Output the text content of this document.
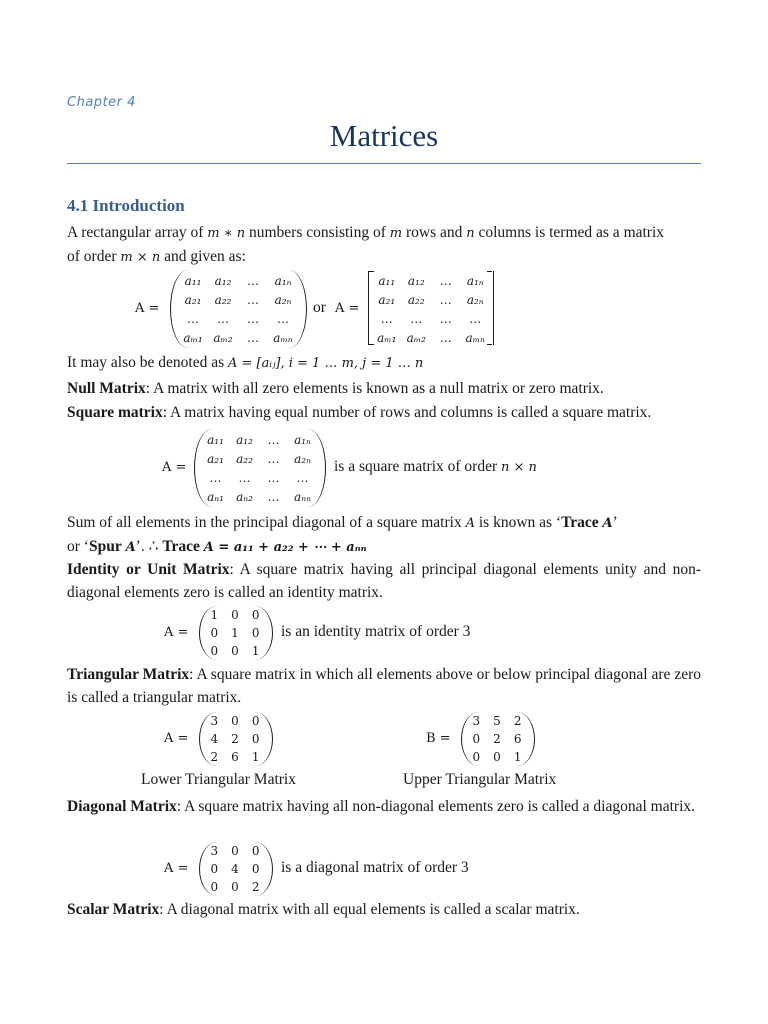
Chapter 4
Matrices
4.1 Introduction
A rectangular array of m ∗ n numbers consisting of m rows and n columns is termed as a matrix
of order m × n and given as:
A =
a₁₁ a₁₂ … a₁ₙ
a₂₁ a₂₂ … a₂ₙ
… … … …
aₘ₁ aₘ₂ … aₘₙ
or A =
a₁₁ a₁₂ … a₁ₙ
a₂₁ a₂₂ … a₂ₙ
… … … …
aₘ₁ aₘ₂ … aₘₙ
It may also be denoted as A = [aᵢⱼ], i = 1 … m, j = 1 … n
Null Matrix: A matrix with all zero elements is known as a null matrix or zero matrix.
Square matrix: A matrix having equal number of rows and columns is called a square matrix.
A =
a₁₁ a₁₂ … a₁ₙ
a₂₁ a₂₂ … a₂ₙ
… … … …
aₙ₁ aₙ₂ … aₙₙ
is a square matrix of order n × n
Sum of all elements in the principal diagonal of a square matrix A is known as ‘Trace A’
or ‘Spur A’. ∴ Trace A = a₁₁ + a₂₂ + ⋯ + aₙₙ
Identity or Unit Matrix: A square matrix having all principal diagonal elements unity and non-diagonal elements zero is called an identity matrix.
A =
1 0 0
0 1 0
0 0 1
is an identity matrix of order 3
Triangular Matrix: A square matrix in which all elements above or below principal diagonal are zero is called a triangular matrix.
A =
3 0 0
4 2 0
2 6 1
Lower Triangular Matrix
B =
3 5 2
0 2 6
0 0 1
Upper Triangular Matrix
Diagonal Matrix: A square matrix having all non-diagonal elements zero is called a diagonal matrix.
A =
3 0 0
0 4 0
0 0 2
is a diagonal matrix of order 3
Scalar Matrix: A diagonal matrix with all equal elements is called a scalar matrix.
